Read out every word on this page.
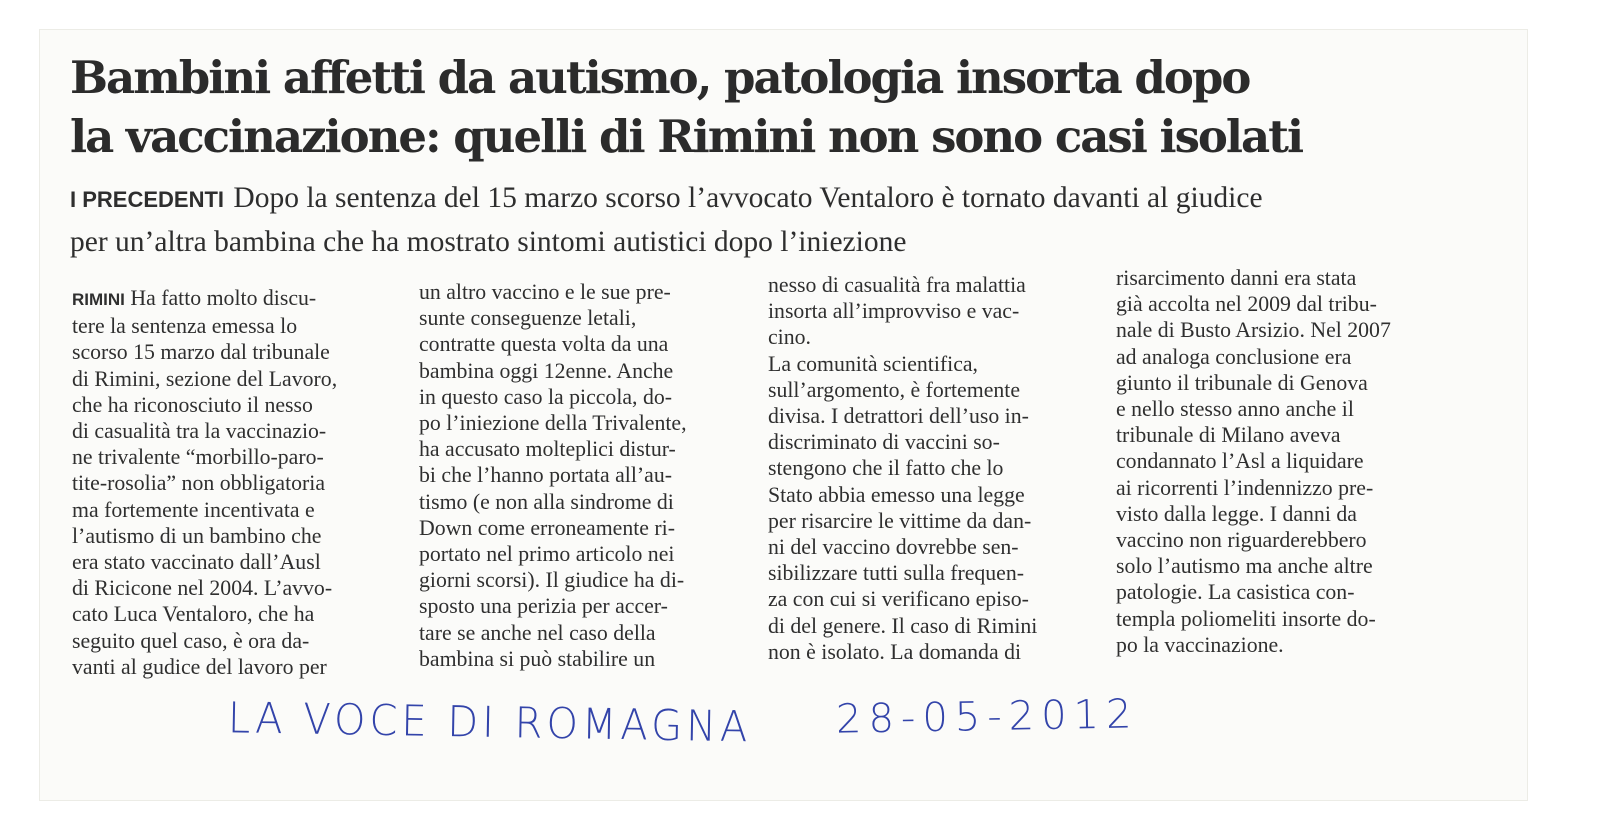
Bambini affetti da autismo, patologia insorta dopo
la vaccinazione: quelli di Rimini non sono casi isolati
I PRECEDENTI Dopo la sentenza del 15 marzo scorso l’avvocato Ventaloro è tornato davanti al giudice
per un’altra bambina che ha mostrato sintomi autistici dopo l’iniezione

RIMINI Ha fatto molto discu-
tere la sentenza emessa lo
scorso 15 marzo dal tribunale
di Rimini, sezione del Lavoro,
che ha riconosciuto il nesso
di casualità tra la vaccinazio-
ne trivalente “morbillo-paro-
tite-rosolia” non obbligatoria
ma fortemente incentivata e
l’autismo di un bambino che
era stato vaccinato dall’Ausl
di Ricicone nel 2004. L’avvo-
cato Luca Ventaloro, che ha
seguito quel caso, è ora da-
vanti al gudice del lavoro per

un altro vaccino e le sue pre-
sunte conseguenze letali,
contratte questa volta da una
bambina oggi 12enne. Anche
in questo caso la piccola, do-
po l’iniezione della Trivalente,
ha accusato molteplici distur-
bi che l’hanno portata all’au-
tismo (e non alla sindrome di
Down come erroneamente ri-
portato nel primo articolo nei
giorni scorsi). Il giudice ha di-
sposto una perizia per accer-
tare se anche nel caso della
bambina si può stabilire un

nesso di casualità fra malattia
insorta all’improvviso e vac-
cino.
La comunità scientifica,
sull’argomento, è fortemente
divisa. I detrattori dell’uso in-
discriminato di vaccini so-
stengono che il fatto che lo
Stato abbia emesso una legge
per risarcire le vittime da dan-
ni del vaccino dovrebbe sen-
sibilizzare tutti sulla frequen-
za con cui si verificano episo-
di del genere. Il caso di Rimini
non è isolato. La domanda di

risarcimento danni era stata
già accolta nel 2009 dal tribu-
nale di Busto Arsizio. Nel 2007
ad analoga conclusione era
giunto il tribunale di Genova
e nello stesso anno anche il
tribunale di Milano aveva
condannato l’Asl a liquidare
ai ricorrenti l’indennizzo pre-
visto dalla legge. I danni da
vaccino non riguarderebbero
solo l’autismo ma anche altre
patologie. La casistica con-
templa poliomeliti insorte do-
po la vaccinazione.

LA VOCE DI ROMAGNA 28-05-2012
